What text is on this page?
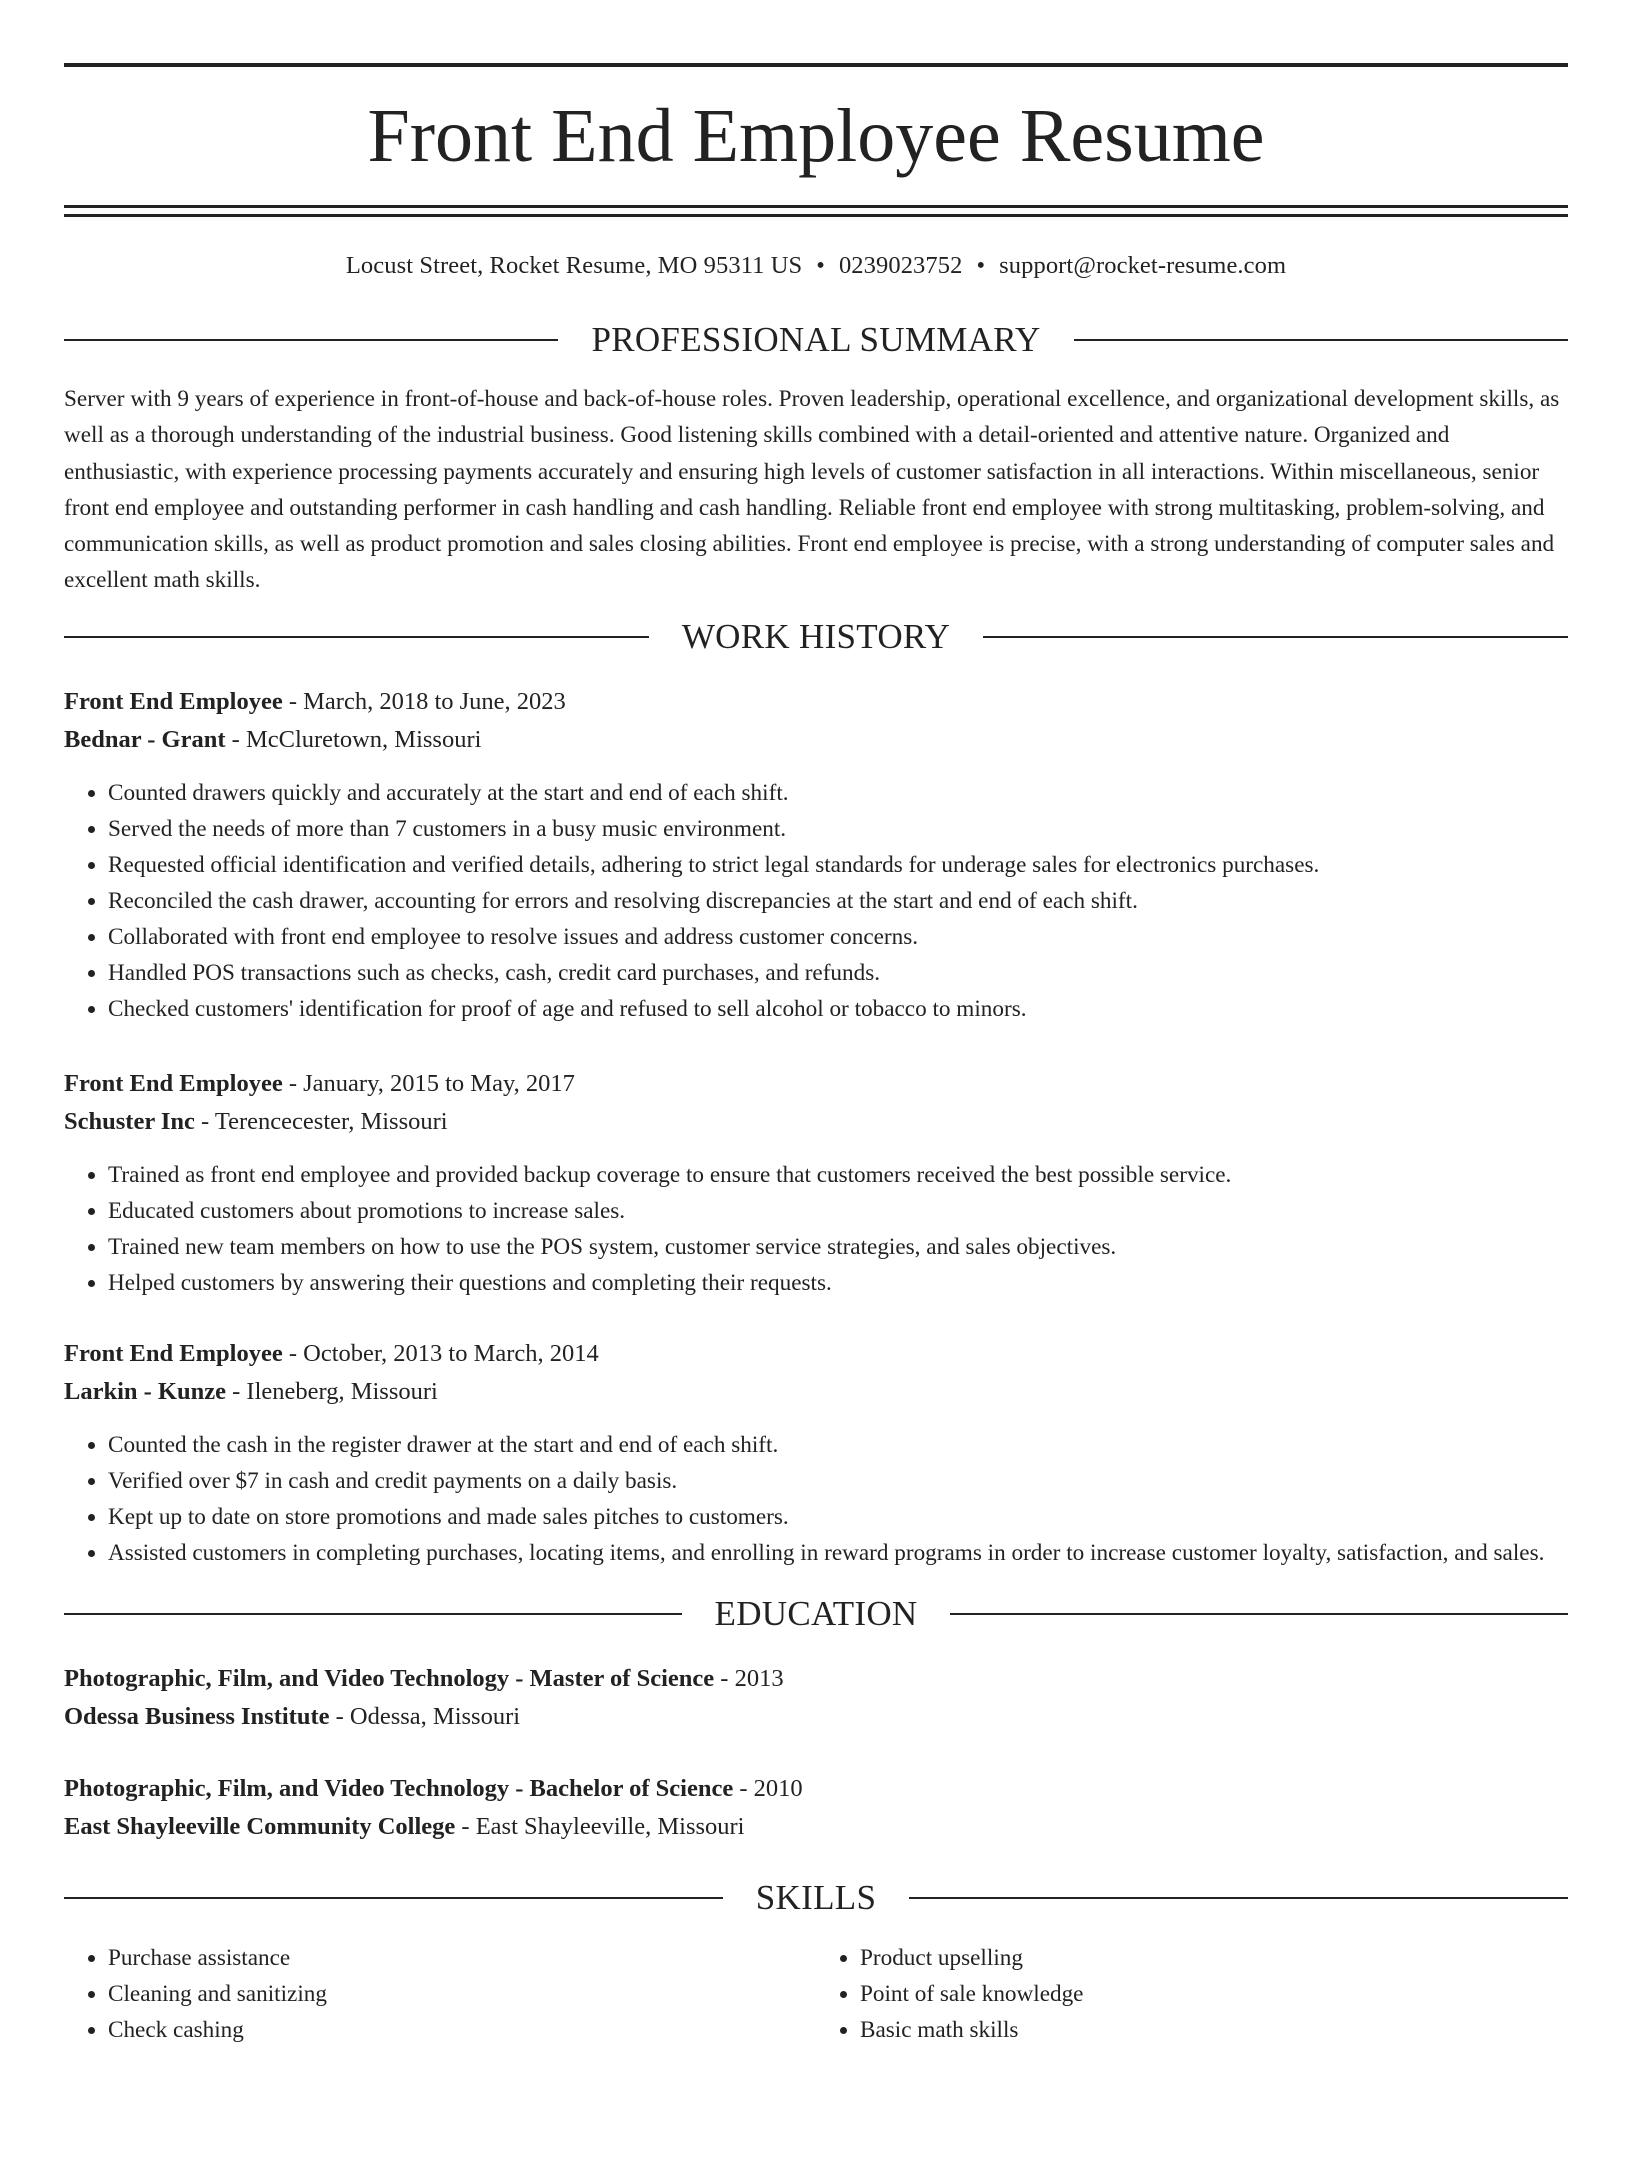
Front End Employee Resume
Locust Street, Rocket Resume, MO 95311 US • 0239023752 • support@rocket-resume.com
PROFESSIONAL SUMMARY
Server with 9 years of experience in front-of-house and back-of-house roles. Proven leadership, operational excellence, and organizational development skills, as well as a thorough understanding of the industrial business. Good listening skills combined with a detail-oriented and attentive nature. Organized and enthusiastic, with experience processing payments accurately and ensuring high levels of customer satisfaction in all interactions. Within miscellaneous, senior front end employee and outstanding performer in cash handling and cash handling. Reliable front end employee with strong multitasking, problem-solving, and communication skills, as well as product promotion and sales closing abilities. Front end employee is precise, with a strong understanding of computer sales and excellent math skills.
WORK HISTORY
Front End Employee - March, 2018 to June, 2023
Bednar - Grant - McCluretown, Missouri
• Counted drawers quickly and accurately at the start and end of each shift.
• Served the needs of more than 7 customers in a busy music environment.
• Requested official identification and verified details, adhering to strict legal standards for underage sales for electronics purchases.
• Reconciled the cash drawer, accounting for errors and resolving discrepancies at the start and end of each shift.
• Collaborated with front end employee to resolve issues and address customer concerns.
• Handled POS transactions such as checks, cash, credit card purchases, and refunds.
• Checked customers' identification for proof of age and refused to sell alcohol or tobacco to minors.
Front End Employee - January, 2015 to May, 2017
Schuster Inc - Terencecester, Missouri
• Trained as front end employee and provided backup coverage to ensure that customers received the best possible service.
• Educated customers about promotions to increase sales.
• Trained new team members on how to use the POS system, customer service strategies, and sales objectives.
• Helped customers by answering their questions and completing their requests.
Front End Employee - October, 2013 to March, 2014
Larkin - Kunze - Ileneberg, Missouri
• Counted the cash in the register drawer at the start and end of each shift.
• Verified over $7 in cash and credit payments on a daily basis.
• Kept up to date on store promotions and made sales pitches to customers.
• Assisted customers in completing purchases, locating items, and enrolling in reward programs in order to increase customer loyalty, satisfaction, and sales.
EDUCATION
Photographic, Film, and Video Technology - Master of Science - 2013
Odessa Business Institute - Odessa, Missouri
Photographic, Film, and Video Technology - Bachelor of Science - 2010
East Shayleeville Community College - East Shayleeville, Missouri
SKILLS
• Purchase assistance
• Cleaning and sanitizing
• Check cashing
• Product upselling
• Point of sale knowledge
• Basic math skills
